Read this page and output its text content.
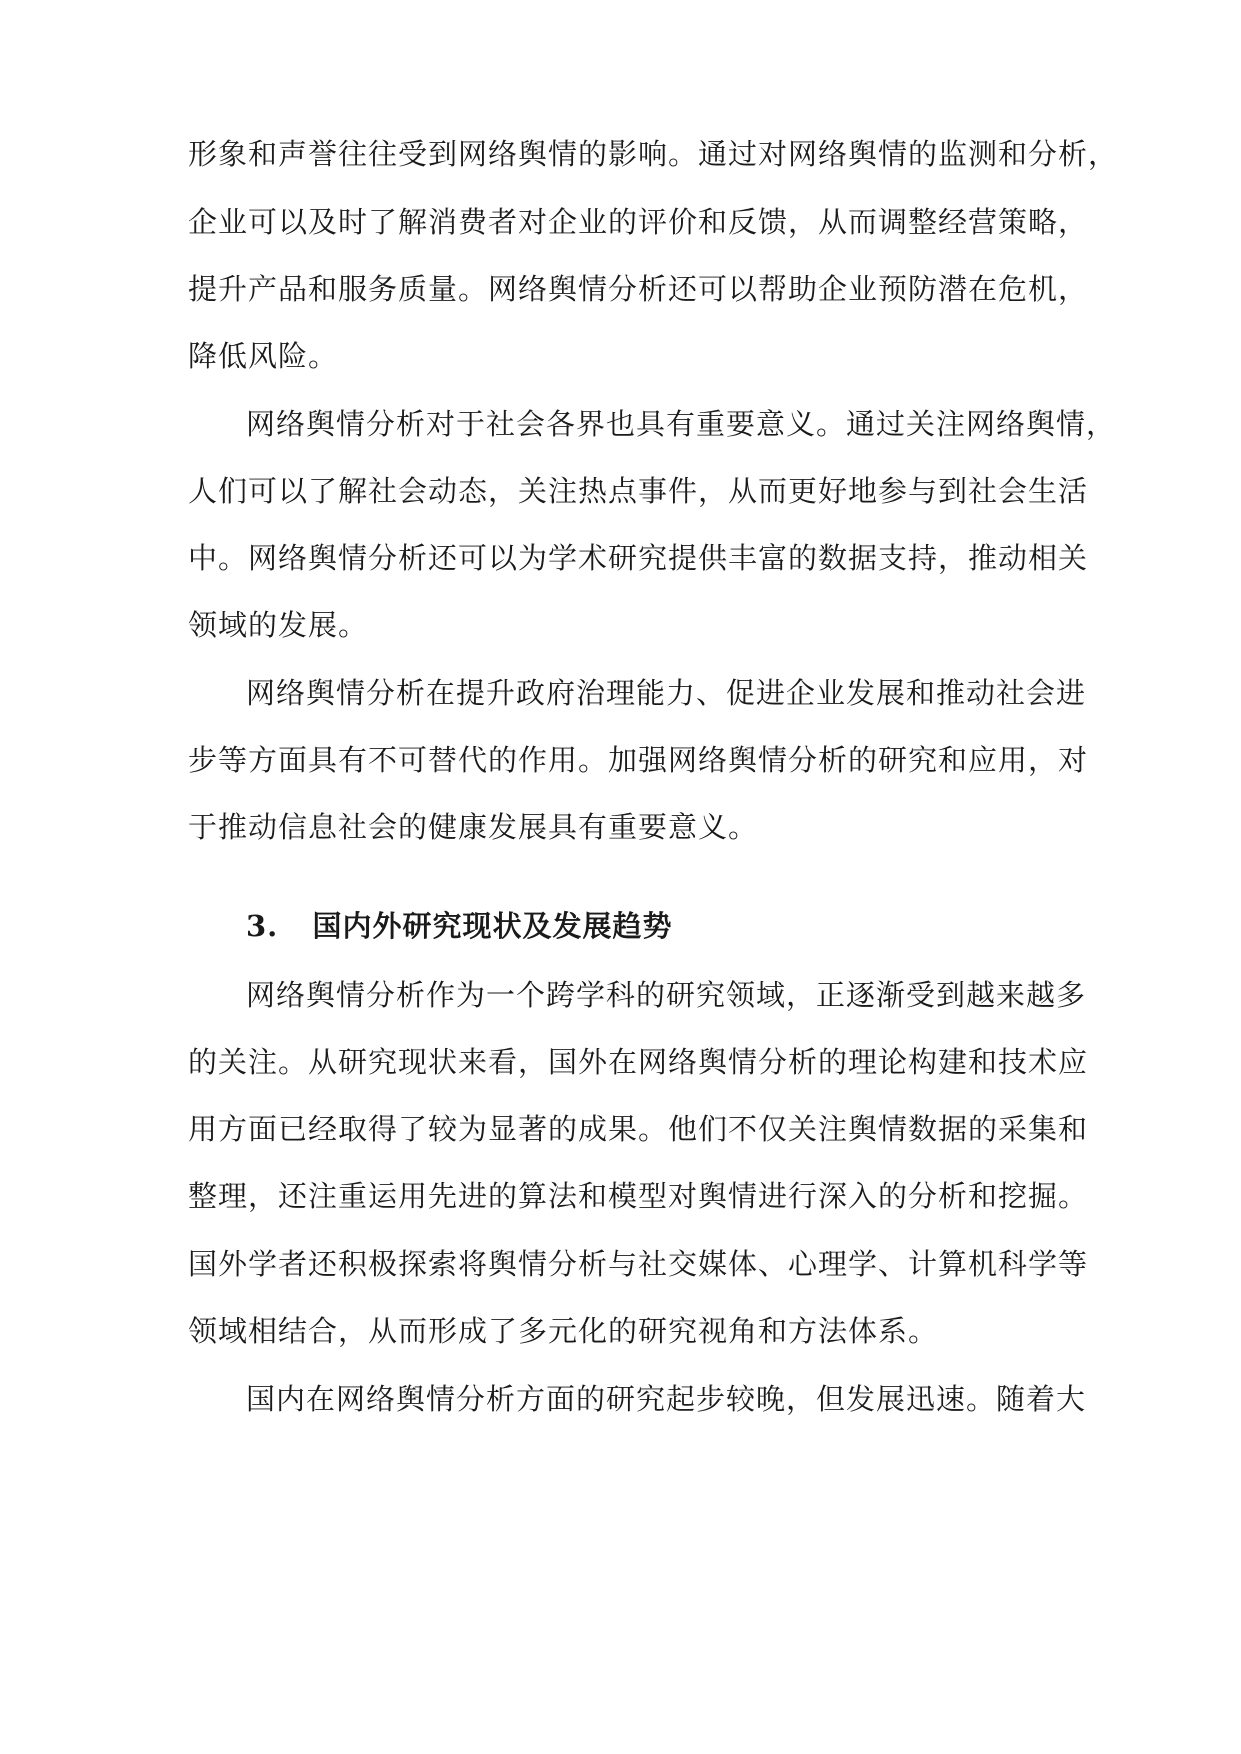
形象和声誉往往受到网络舆情的影响。通过对网络舆情的监测和分析，
企业可以及时了解消费者对企业的评价和反馈，从而调整经营策略，
提升产品和服务质量。网络舆情分析还可以帮助企业预防潜在危机，
降低风险。
网络舆情分析对于社会各界也具有重要意义。通过关注网络舆情，
人们可以了解社会动态，关注热点事件，从而更好地参与到社会生活
中。网络舆情分析还可以为学术研究提供丰富的数据支持，推动相关
领域的发展。
网络舆情分析在提升政府治理能力、促进企业发展和推动社会进
步等方面具有不可替代的作用。加强网络舆情分析的研究和应用，对
于推动信息社会的健康发展具有重要意义。
3. 国内外研究现状及发展趋势
网络舆情分析作为一个跨学科的研究领域，正逐渐受到越来越多
的关注。从研究现状来看，国外在网络舆情分析的理论构建和技术应
用方面已经取得了较为显著的成果。他们不仅关注舆情数据的采集和
整理，还注重运用先进的算法和模型对舆情进行深入的分析和挖掘。
国外学者还积极探索将舆情分析与社交媒体、心理学、计算机科学等
领域相结合，从而形成了多元化的研究视角和方法体系。
国内在网络舆情分析方面的研究起步较晚，但发展迅速。随着大
